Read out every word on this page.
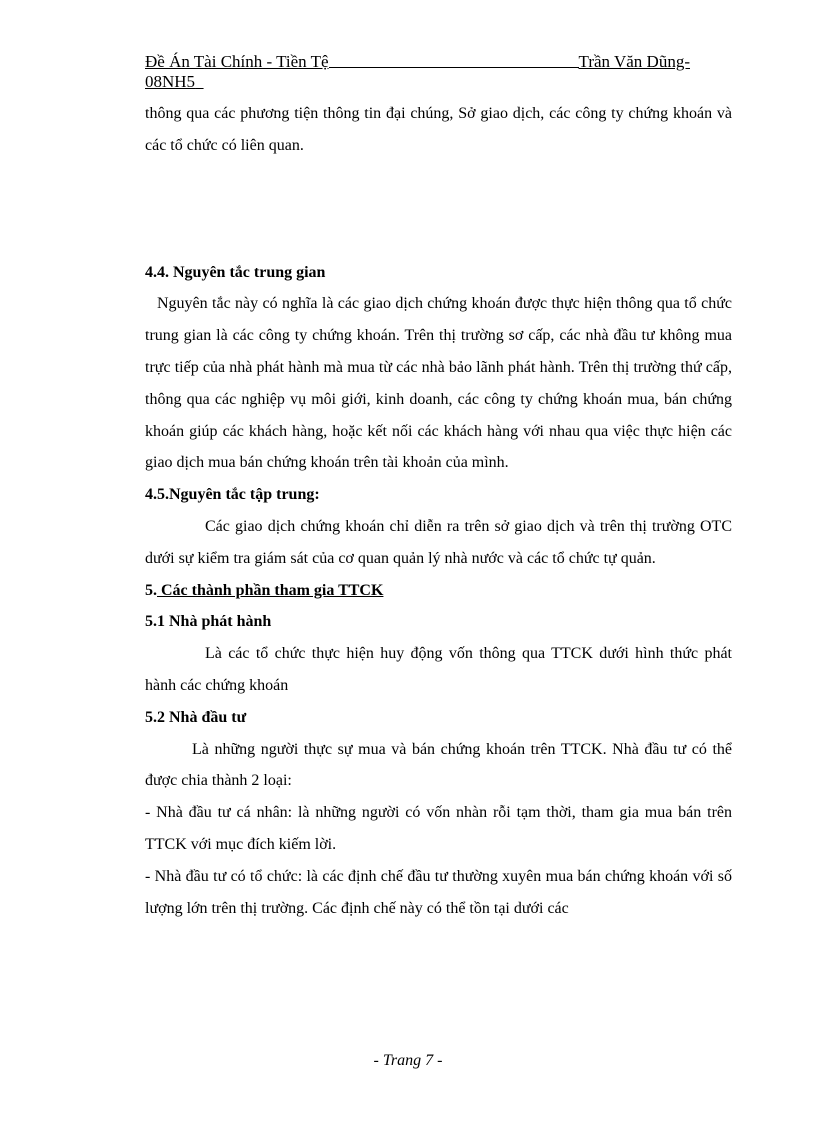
Đề Án Tài Chính - Tiền Tệ	Trần Văn Dũng-
08NH5

thông qua các phương tiện thông tin đại chúng, Sở giao dịch, các công ty chứng khoán và các tổ chức có liên quan.

4.4. Nguyên tắc trung gian

Nguyên tắc này có nghĩa là các giao dịch chứng khoán được thực hiện thông qua tổ chức trung gian là các công ty chứng khoán. Trên thị trường sơ cấp, các nhà đầu tư không mua trực tiếp của nhà phát hành mà mua từ các nhà bảo lãnh phát hành. Trên thị trường thứ cấp, thông qua các nghiệp vụ môi giới, kinh doanh, các công ty chứng khoán mua, bán chứng khoán giúp các khách hàng, hoặc kết nối các khách hàng với nhau qua việc thực hiện các giao dịch mua bán chứng khoán trên tài khoản của mình.

4.5.Nguyên tắc tập trung:

Các giao dịch chứng khoán chỉ diễn ra trên sở giao dịch và trên thị trường OTC dưới sự kiểm tra giám sát của cơ quan quản lý nhà nước và các tổ chức tự quản.

5. Các thành phần tham gia TTCK
5.1 Nhà phát hành

Là các tổ chức thực hiện huy động vốn thông qua TTCK dưới hình thức phát hành các chứng khoán

5.2 Nhà đầu tư

Là những người thực sự mua và bán chứng khoán trên TTCK. Nhà đầu tư có thể được chia thành 2 loại:

- Nhà đầu tư cá nhân: là những người có vốn nhàn rỗi tạm thời, tham gia mua bán trên TTCK với mục đích kiếm lời.

- Nhà đầu tư có tổ chức: là các định chế đầu tư thường xuyên mua bán chứng khoán với số lượng lớn trên thị trường. Các định chế này có thể tồn tại dưới các

- Trang 7 -
